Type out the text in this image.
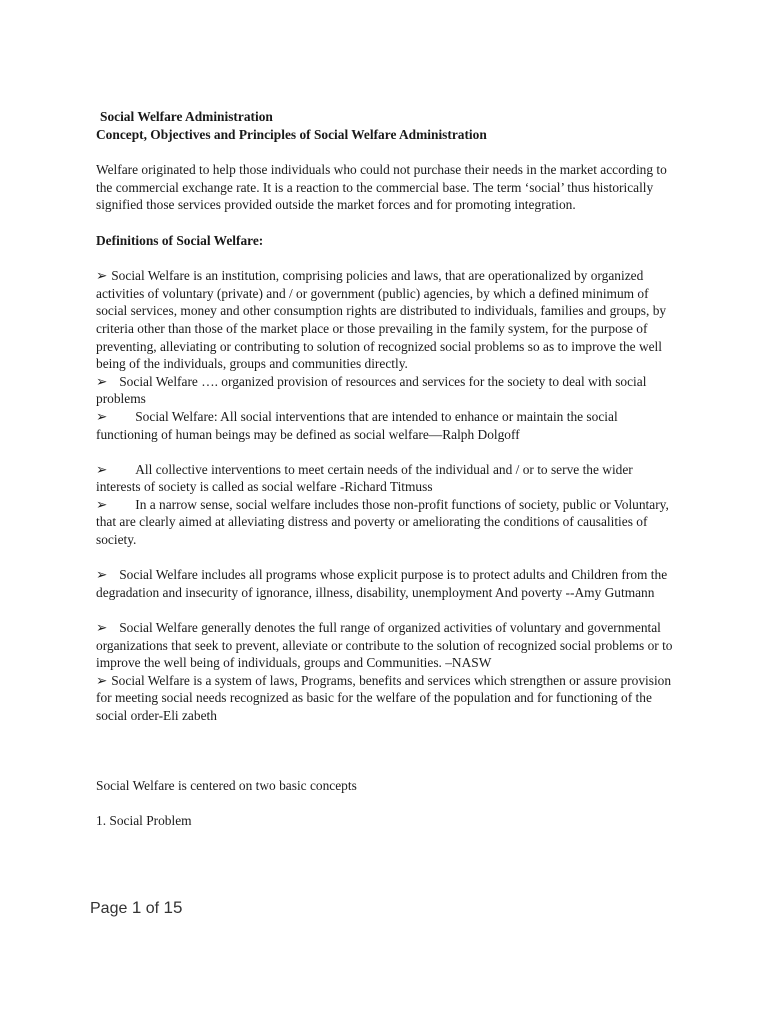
Social Welfare Administration

Concept, Objectives and Principles of Social Welfare Administration

Welfare originated to help those individuals who could not purchase their needs in the market according to the commercial exchange rate. It is a reaction to the commercial base. The term ‘social’ thus historically signified those services provided outside the market forces and for promoting integration.

Definitions of Social Welfare:

➢ Social Welfare is an institution, comprising policies and laws, that are operationalized by organized activities of voluntary (private) and / or government (public) agencies, by which a defined minimum of social services, money and other consumption rights are distributed to individuals, families and groups, by criteria other than those of the market place or those prevailing in the family system, for the purpose of preventing, alleviating or contributing to solution of recognized social problems so as to improve the well being of the individuals, groups and communities directly.

➢ Social Welfare …. organized provision of resources and services for the society to deal with social problems

➢ Social Welfare: All social interventions that are intended to enhance or maintain the social functioning of human beings may be defined as social welfare—Ralph Dolgoff

➢ All collective interventions to meet certain needs of the individual and / or to serve the wider interests of society is called as social welfare -Richard Titmuss

➢ In a narrow sense, social welfare includes those non-profit functions of society, public or Voluntary, that are clearly aimed at alleviating distress and poverty or ameliorating the conditions of causalities of society.

➢ Social Welfare includes all programs whose explicit purpose is to protect adults and Children from the degradation and insecurity of ignorance, illness, disability, unemployment And poverty --Amy Gutmann

➢ Social Welfare generally denotes the full range of organized activities of voluntary and governmental organizations that seek to prevent, alleviate or contribute to the solution of recognized social problems or to improve the well being of individuals, groups and Communities. –NASW

➢ Social Welfare is a system of laws, Programs, benefits and services which strengthen or assure provision for meeting social needs recognized as basic for the welfare of the population and for functioning of the social order-Eli zabeth

Social Welfare is centered on two basic concepts

1. Social Problem

Page 1 of 15
